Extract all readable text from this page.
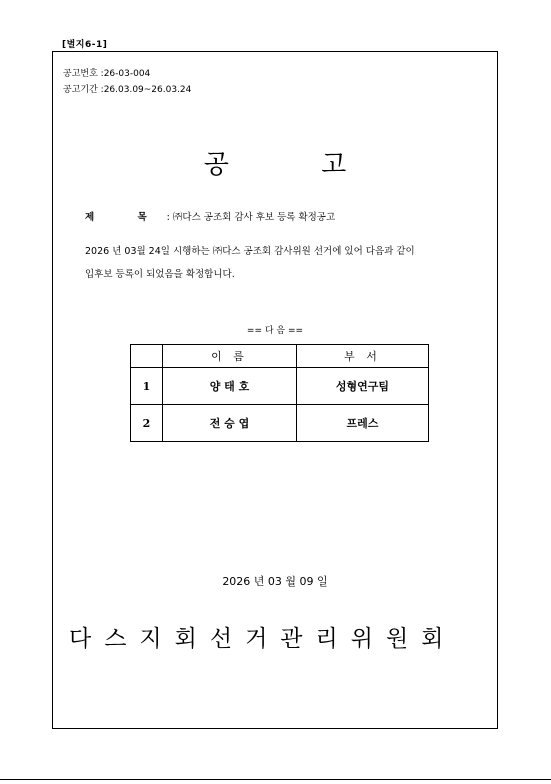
[별지6-1]
공고번호 :26-03-004
공고기간 :26.03.09~26.03.24
공 고
제 목: ㈜다스 공조회 감사 후보 등록 확정공고
2026 년 03월 24일 시행하는 ㈜다스 공조회 감사위원 선거에 있어 다음과 같이
입후보 등록이 되었음을 확정합니다.
== 다 음 ==
	이 름	부 서
1	양 태 호	성형연구팀
2	전 승 엽	프레스
2026 년 03 월 09 일
다스지회선거관리위원회
